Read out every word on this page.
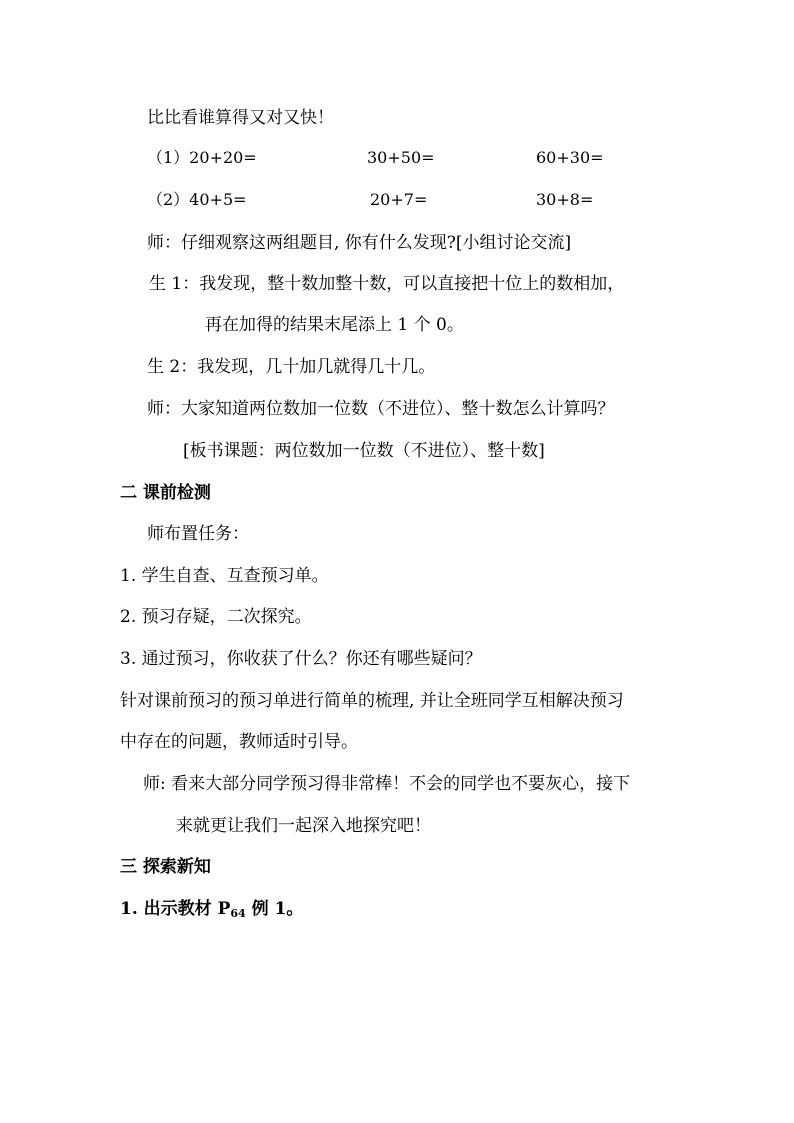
比比看谁算得又对又快！

（1）20+20=	30+50=	60+30=
（2）40+5=	20+7=	30+8=

师：仔细观察这两组题目, 你有什么发现?[小组讨论交流]

生 1：我发现，整十数加整十数，可以直接把十位上的数相加，

再在加得的结果末尾添上 1 个 0。

生 2：我发现，几十加几就得几十几。

师：大家知道两位数加一位数（不进位）、整十数怎么计算吗？

[板书课题：两位数加一位数（不进位）、整十数]

二 课前检测

师布置任务：

1. 学生自查、互查预习单。

2. 预习存疑，二次探究。

3. 通过预习，你收获了什么？你还有哪些疑问？

针对课前预习的预习单进行简单的梳理, 并让全班同学互相解决预习

中存在的问题，教师适时引导。

师: 看来大部分同学预习得非常棒！不会的同学也不要灰心，接下

来就更让我们一起深入地探究吧！

三 探索新知

1. 出示教材 $P_{64}$ 例 1。
